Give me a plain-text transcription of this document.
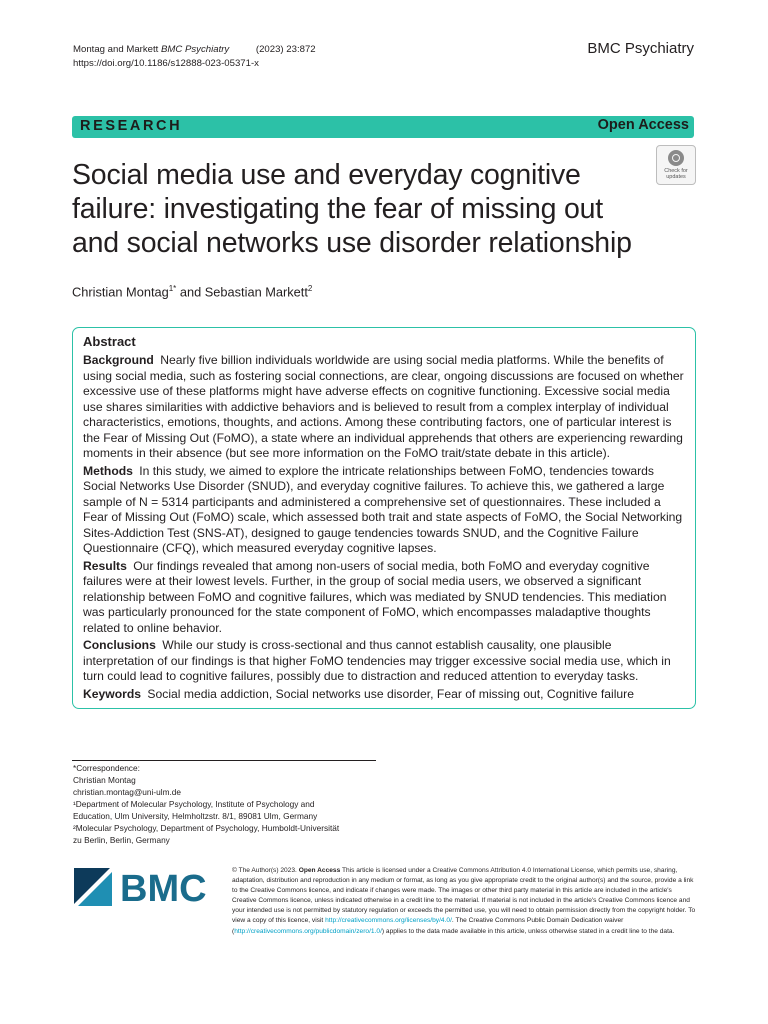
Montag and Markett BMC Psychiatry	(2023) 23:872
https://doi.org/10.1186/s12888-023-05371-x
BMC Psychiatry
RESEARCH	Open Access
Social media use and everyday cognitive failure: investigating the fear of missing out and social networks use disorder relationship
Check for updates
Christian Montag$^{1*}$ and Sebastian Markett$^2$
Abstract

Background Nearly five billion individuals worldwide are using social media platforms. While the benefits of using social media, such as fostering social connections, are clear, ongoing discussions are focused on whether excessive use of these platforms might have adverse effects on cognitive functioning. Excessive social media use shares similarities with addictive behaviors and is believed to result from a complex interplay of individual characteristics, emotions, thoughts, and actions. Among these contributing factors, one of particular interest is the Fear of Missing Out (FoMO), a state where an individual apprehends that others are experiencing rewarding moments in their absence (but see more information on the FoMO trait/state debate in this article).

Methods In this study, we aimed to explore the intricate relationships between FoMO, tendencies towards Social Networks Use Disorder (SNUD), and everyday cognitive failures. To achieve this, we gathered a large sample of N = 5314 participants and administered a comprehensive set of questionnaires. These included a Fear of Missing Out (FoMO) scale, which assessed both trait and state aspects of FoMO, the Social Networking Sites-Addiction Test (SNS-AT), designed to gauge tendencies towards SNUD, and the Cognitive Failure Questionnaire (CFQ), which measured everyday cognitive lapses.

Results Our findings revealed that among non-users of social media, both FoMO and everyday cognitive failures were at their lowest levels. Further, in the group of social media users, we observed a significant relationship between FoMO and cognitive failures, which was mediated by SNUD tendencies. This mediation was particularly pronounced for the state component of FoMO, which encompasses maladaptive thoughts related to online behavior.

Conclusions While our study is cross-sectional and thus cannot establish causality, one plausible interpretation of our findings is that higher FoMO tendencies may trigger excessive social media use, which in turn could lead to cognitive failures, possibly due to distraction and reduced attention to everyday tasks.

Keywords Social media addiction, Social networks use disorder, Fear of missing out, Cognitive failure

*Correspondence:
Christian Montag
christian.montag@uni-ulm.de
¹Department of Molecular Psychology, Institute of Psychology and
Education, Ulm University, Helmholtzstr. 8/1, 89081 Ulm, Germany
²Molecular Psychology, Department of Psychology, Humboldt-Universität
zu Berlin, Berlin, Germany
BMC	© The Author(s) 2023. Open Access This article is licensed under a Creative Commons Attribution 4.0 International License, which permits use, sharing, adaptation, distribution and reproduction in any medium or format, as long as you give appropriate credit to the original author(s) and the source, provide a link to the Creative Commons licence, and indicate if changes were made. The images or other third party material in this article are included in the article's Creative Commons licence, unless indicated otherwise in a credit line to the material. If material is not included in the article's Creative Commons licence and your intended use is not permitted by statutory regulation or exceeds the permitted use, you will need to obtain permission directly from the copyright holder. To view a copy of this licence, visit http://creativecommons.org/licenses/by/4.0/. The Creative Commons Public Domain Dedication waiver (http://creativecommons.org/publicdomain/zero/1.0/) applies to the data made available in this article, unless otherwise stated in a credit line to the data.
